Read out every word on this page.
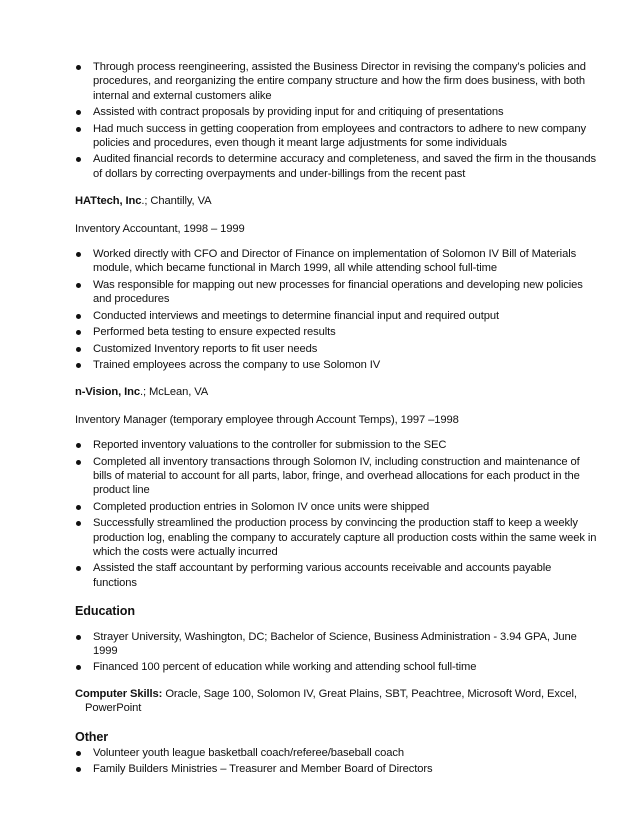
Through process reengineering, assisted the Business Director in revising the company’s policies and procedures, and reorganizing the entire company structure and how the firm does business, with both internal and external customers alike
Assisted with contract proposals by providing input for and critiquing of presentations
Had much success in getting cooperation from employees and contractors to adhere to new company policies and procedures, even though it meant large adjustments for some individuals
Audited financial records to determine accuracy and completeness, and saved the firm in the thousands of dollars by correcting overpayments and under-billings from the recent past
HATtech, Inc.; Chantilly, VA
Inventory Accountant, 1998 – 1999
Worked directly with CFO and Director of Finance on implementation of Solomon IV Bill of Materials module, which became functional in March 1999, all while attending school full-time
Was responsible for mapping out new processes for financial operations and developing new policies and procedures
Conducted interviews and meetings to determine financial input and required output
Performed beta testing to ensure expected results
Customized Inventory reports to fit user needs
Trained employees across the company to use Solomon IV
n-Vision, Inc.; McLean, VA
Inventory Manager (temporary employee through Account Temps), 1997 –1998
Reported inventory valuations to the controller for submission to the SEC
Completed all inventory transactions through Solomon IV, including construction and maintenance of bills of material to account for all parts, labor, fringe, and overhead allocations for each product in the product line
Completed production entries in Solomon IV once units were shipped
Successfully streamlined the production process by convincing the production staff to keep a weekly production log, enabling the company to accurately capture all production costs within the same week in which the costs were actually incurred
Assisted the staff accountant by performing various accounts receivable and accounts payable functions
Education
Strayer University, Washington, DC; Bachelor of Science, Business Administration - 3.94 GPA, June 1999
Financed 100 percent of education while working and attending school full-time
Computer Skills: Oracle, Sage 100, Solomon IV, Great Plains, SBT, Peachtree, Microsoft Word, Excel,
PowerPoint
Other
Volunteer youth league basketball coach/referee/baseball coach
Family Builders Ministries – Treasurer and Member Board of Directors
